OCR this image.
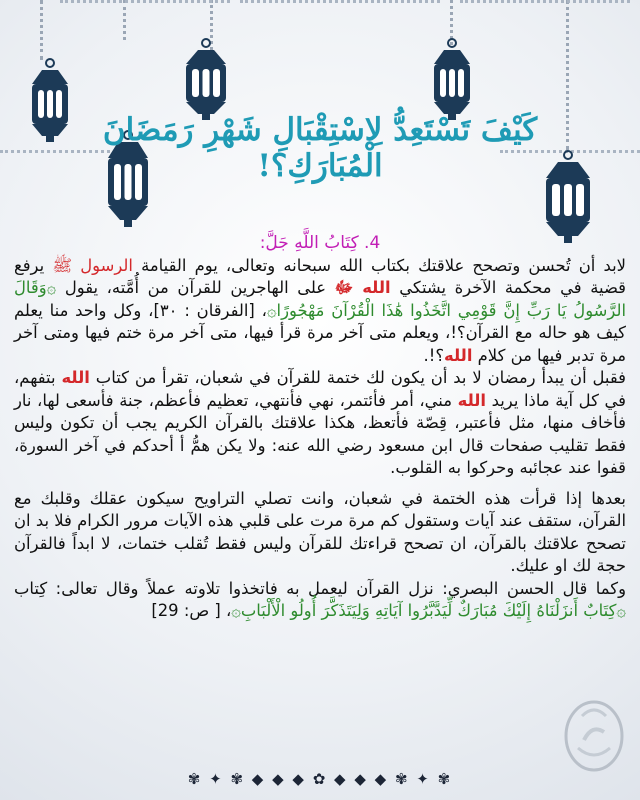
كَيْفَ تَسْتَعِدُّ لِاسْتِقْبَالِ شَهْرِ رَمَضَانَ الْمُبَارَكِ؟!

4. كِتَابُ اللَّهِ جَلَّ:

لابد أن تُحسن وتصحح علاقتك بكتاب الله سبحانه وتعالى، يوم القيامة الرسول ﷺ يرفع قضية في محكمة الآخرة يشتكي الله ﷻ على الهاجرين للقرآن من أُمَّته، يقول ۞وَقَالَ الرَّسُولُ يَا رَبِّ إِنَّ قَوْمِي اتَّخَذُوا هَٰذَا الْقُرْآنَ مَهْجُورًا۞، [الفرقان : ٣٠]، وكل واحد منا يعلم كيف هو حاله مع القرآن؟!، ويعلم متى آخر مرة قرأ فيها، متى آخر مرة ختم فيها ومتى آخر مرة تدبر فيها من كلام الله؟!.

فقبل أن يبدأ رمضان لا بد أن يكون لك ختمة للقرآن في شعبان، تقرأ من كتاب الله بتفهم، في كل آية ماذا يريد الله مني، أمر فأئتمر، نهي فأنتهي، تعظيم فأعظم، جنة فأسعى لها، نار فأخاف منها، مثل فأعتبر، قِصّة فأتعظ، هكذا علاقتك بالقرآن الكريم يجب أن تكون وليس فقط تقليب صفحات قال ابن مسعود رضي الله عنه: ولا يكن همُّ أ أحدكم في آخر السورة، قفوا عند عجائبه وحركوا به القلوب.

بعدها إذا قرأت هذه الختمة في شعبان، وانت تصلي التراويح سيكون عقلك وقلبك مع القرآن، ستقف عند آيات وستقول كم مرة مرت على قلبي هذه الآيات مرور الكرام فلا بد ان تصحح علاقتك بالقرآن، ان تصحح قراءتك للقرآن وليس فقط تُقلب ختمات، لا ابداً فالقرآن حجة لك او عليك.

وكما قال الحسن البصري: نزل القرآن ليعمل به فاتخذوا تلاوته عملاً وقال تعالى: كِتاب ۞كِتَابٌ أَنزَلْنَاهُ إِلَيْكَ مُبَارَكٌ لِّيَدَّبَّرُوا آيَاتِهِ وَلِيَتَذَكَّرَ أُولُو الْأَلْبَابِ۞، [ ص: 29]

✾ ✦ ✾ ◆ ◆ ◆ ✿ ◆ ◆ ◆ ✾ ✦ ✾
